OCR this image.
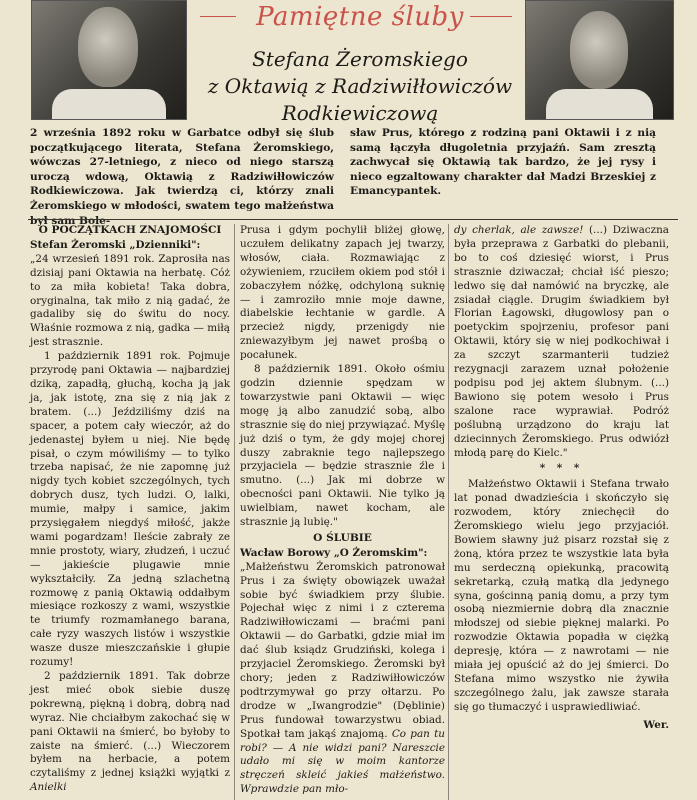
Pamiętne śluby
Stefana Żeromskiego
z Oktawią z Radziwiłłowiczów
Rodkiewiczową
2 września 1892 roku w Garbatce odbył się ślub początkującego literata, Stefana Żeromskiego, wówczas 27-letniego, z nieco od niego starszą uroczą wdową, Oktawią z Radziwiłłowiczów Rodkiewiczowa. Jak twierdzą ci, którzy znali Żeromskiego w młodości, swatem tego małżeństwa był sam Bole-
sław Prus, którego z rodziną pani Oktawii i z nią samą łączyła długoletnia przyjaźń. Sam zresztą zachwycał się Oktawią tak bardzo, że jej rysy i nieco egzaltowany charakter dał Madzi Brzeskiej z Emancypantek.
O POCZĄTKACH ZNAJOMOŚCI

Stefan Żeromski „Dzienniki":

„24 wrzesień 1891 rok. Zaprosiła nas dzisiaj pani Oktawia na herbatę. Cóż to za miła kobieta! Taka dobra, oryginalna, tak miło z nią gadać, że gadaliby się do świtu do nocy. Właśnie rozmowa z nią, gadka — miłą jest strasznie.

1 październik 1891 rok. Pojmuje przyrodę pani Oktawia — najbardziej dziką, zapadłą, głuchą, kocha ją jak ja, jak istotę, zna się z nią jak z bratem. (...) Jeździliśmy dziś na spacer, a potem cały wieczór, aż do jedenastej byłem u niej. Nie będę pisał, o czym mówiliśmy — to tylko trzeba napisać, że nie zapomnę już nigdy tych kobiet szczególnych, tych dobrych dusz, tych ludzi. O, lalki, mumie, małpy i samice, jakim przysięgałem niegdyś miłość, jakże wami pogardzam! Ileście zabrały ze mnie prostoty, wiary, złudzeń, i uczuć — jakieście plugawie mnie wykształciły. Za jedną szlachetną rozmowę z panią Oktawią oddałbym miesiące rozkoszy z wami, wszystkie te triumfy rozmamłanego barana, całe ryzy waszych listów i wszystkie wasze dusze mieszczańskie i głupie rozumy!

2 październik 1891. Tak dobrze jest mieć obok siebie duszę pokrewną, piękną i dobrą, dobrą nad wyraz. Nie chciałbym zakochać się w pani Oktawii na śmierć, bo byłoby to zaiste na śmierć. (...) Wieczorem byłem na herbacie, a potem czytaliśmy z jednej książki wyjątki z Anielki

Prusa i gdym pochylił bliżej głowę, uczułem delikatny zapach jej twarzy, włosów, ciała. Rozmawiając z ożywieniem, rzuciłem okiem pod stół i zobaczyłem nóżkę, odchyloną suknię — i zamroziło mnie moje dawne, diabelskie łechtanie w gardle. A przecież nigdy, przenigdy nie zniewazyłbym jej nawet prośbą o pocałunek.

8 październik 1891. Około ośmiu godzin dziennie spędzam w towarzystwie pani Oktawii — więc mogę ją albo zanudzić sobą, albo strasznie się do niej przywiązać. Myślę już dziś o tym, że gdy mojej chorej duszy zabraknie tego najlepszego przyjaciela — będzie strasznie źle i smutno. (...) Jak mi dobrze w obecności pani Oktawii. Nie tylko ją uwielbiam, nawet kocham, ale strasznie ją lubię."

O ŚLUBIE

Wacław Borowy „O Żeromskim":

„Małżeństwu Żeromskich patronował Prus i za święty obowiązek uważał sobie być świadkiem przy ślubie. Pojechał więc z nimi i z czterema Radziwiłłowiczami — braćmi pani Oktawii — do Garbatki, gdzie miał im dać ślub ksiądz Grudziński, kolega i przyjaciel Żeromskiego. Żeromski był chory; jeden z Radziwiłłowiczów podtrzymywał go przy ołtarzu. Po drodze w „Iwangrodzie" (Dęblinie) Prus fundował towarzystwu obiad. Spotkał tam jakąś znajomą. Co pan tu robi? — A nie widzi pani? Nareszcie udało mi się w moim kantorze stręczeń skleić jakieś małżeństwo. Wprawdzie pan mło-

dy cherlak, ale zawsze! (...) Dziwaczna była przeprawa z Garbatki do plebanii, bo to coś dziesięć wiorst, i Prus strasznie dziwaczał; chciał iść pieszo; ledwo się dał namówić na bryczkę, ale zsiadał ciągle. Drugim świadkiem był Florian Łagowski, długowlosy pan o poetyckim spojrzeniu, profesor pani Oktawii, który się w niej podkochiwał i za szczyt szarmanterii tudzież rezygnacji zarazem uznał położenie podpisu pod jej aktem ślubnym. (...) Bawiono się potem wesoło i Prus szalone race wyprawiał. Podróż poślubną urządzono do kraju lat dziecinnych Żeromskiego. Prus odwiózł młodą parę do Kielc."

* * *

Małżeństwo Oktawii i Stefana trwało lat ponad dwadzieścia i skończyło się rozwodem, który zniechęcił do Żeromskiego wielu jego przyjaciół. Bowiem sławny już pisarz rozstał się z żoną, która przez te wszystkie lata była mu serdeczną opiekunką, pracowitą sekretarką, czułą matką dla jedynego syna, gościnną panią domu, a przy tym osobą niezmiernie dobrą dla znacznie młodszej od siebie pięknej malarki. Po rozwodzie Oktawia popadła w ciężką depresję, która — z nawrotami — nie miała jej opuścić aż do jej śmierci. Do Stefana mimo wszystko nie żywiła szczególnego żalu, jak zawsze starała się go tłumaczyć i usprawiedliwiać.

Wer.
